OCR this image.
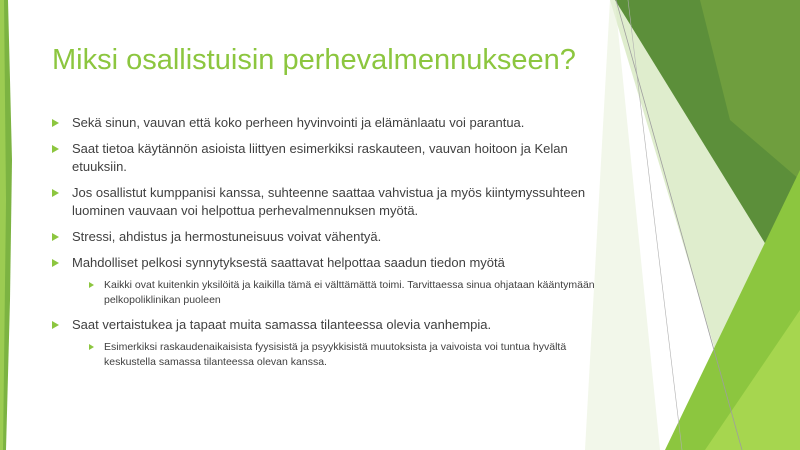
Miksi osallistuisin perhevalmennukseen?
Sekä sinun, vauvan että koko perheen hyvinvointi ja elämänlaatu voi parantua.
Saat tietoa käytännön asioista liittyen esimerkiksi raskauteen, vauvan hoitoon ja Kelan etuuksiin.
Jos osallistut kumppanisi kanssa, suhteenne saattaa vahvistua ja myös kiintymyssuhteen luominen vauvaan voi helpottua perhevalmennuksen myötä.
Stressi, ahdistus ja hermostuneisuus voivat vähentyä.
Mahdolliset pelkosi synnytyksestä saattavat helpottaa saadun tiedon myötä
Kaikki ovat kuitenkin yksilöitä ja kaikilla tämä ei välttämättä toimi. Tarvittaessa sinua ohjataan kääntymään pelkopoliklinikan puoleen
Saat vertaistukea ja tapaat muita samassa tilanteessa olevia vanhempia.
Esimerkiksi raskaudenaikaisista fyysisistä ja psyykkisistä muutoksista ja vaivoista voi tuntua hyvältä keskustella samassa tilanteessa olevan kanssa.
